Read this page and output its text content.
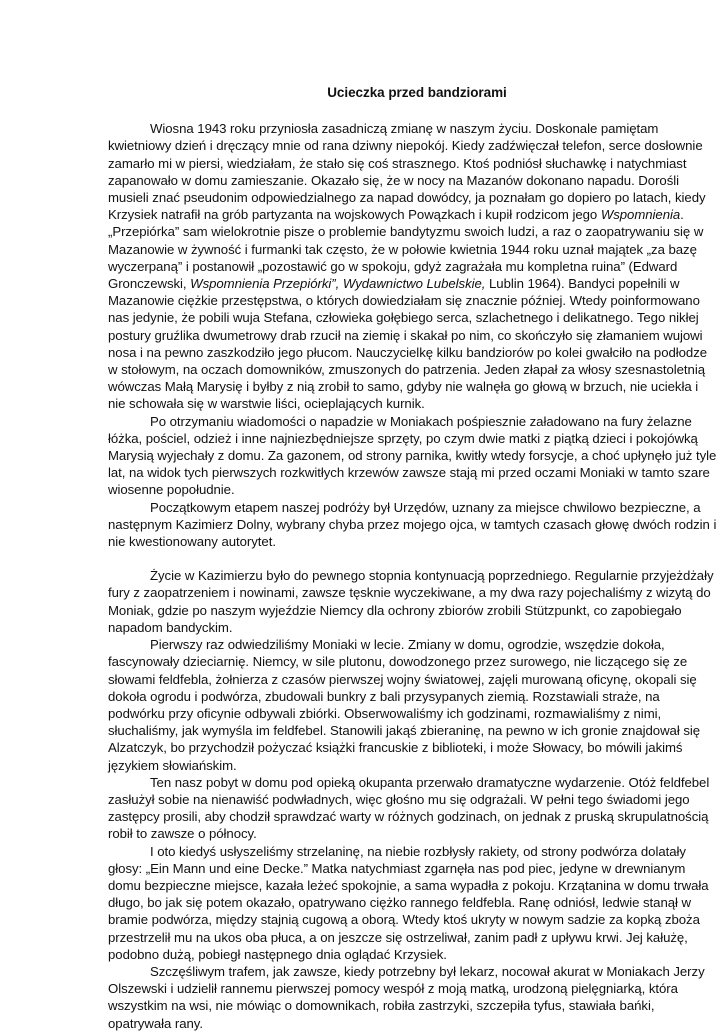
Ucieczka przed bandziorami

Wiosna 1943 roku przyniosła zasadniczą zmianę w naszym życiu. Doskonale pamiętam kwietniowy dzień i dręczący mnie od rana dziwny niepokój. Kiedy zadźwięczał telefon, serce dosłownie zamarło mi w piersi, wiedziałam, że stało się coś strasznego. Ktoś podniósł słuchawkę i natychmiast zapanowało w domu zamieszanie. Okazało się, że w nocy na Mazanów dokonano napadu. Dorośli musieli znać pseudonim odpowiedzialnego za napad dowódcy, ja poznałam go dopiero po latach, kiedy Krzysiek natrafił na grób partyzanta na wojskowych Powązkach i kupił rodzicom jego Wspomnienia. „Przepiórka” sam wielokrotnie pisze o problemie bandytyzmu swoich ludzi, a raz o zaopatrywaniu się w Mazanowie w żywność i furmanki tak często, że w połowie kwietnia 1944 roku uznał majątek „za bazę wyczerpaną” i postanowił „pozostawić go w spokoju, gdyż zagrażała mu kompletna ruina” (Edward Gronczewski, Wspomnienia Przepiórki”, Wydawnictwo Lubelskie, Lublin 1964). Bandyci popełnili w Mazanowie ciężkie przestępstwa, o których dowiedziałam się znacznie później. Wtedy poinformowano nas jedynie, że pobili wuja Stefana, człowieka gołębiego serca, szlachetnego i delikatnego. Tego nikłej postury gruźlika dwumetrowy drab rzucił na ziemię i skakał po nim, co skończyło się złamaniem wujowi nosa i na pewno zaszkodziło jego płucom. Nauczycielkę kilku bandziorów po kolei gwałciło na podłodze w stołowym, na oczach domowników, zmuszonych do patrzenia. Jeden złapał za włosy szesnastoletnią wówczas Małą Marysię i byłby z nią zrobił to samo, gdyby nie walnęła go głową w brzuch, nie uciekła i nie schowała się w warstwie liści, ocieplających kurnik.

Po otrzymaniu wiadomości o napadzie w Moniakach pośpiesznie załadowano na fury żelazne łóżka, pościel, odzież i inne najniezbędniejsze sprzęty, po czym dwie matki z piątką dzieci i pokojówką Marysią wyjechały z domu. Za gazonem, od strony parnika, kwitły wtedy forsycje, a choć upłynęło już tyle lat, na widok tych pierwszych rozkwitłych krzewów zawsze stają mi przed oczami Moniaki w tamto szare wiosenne popołudnie.

Początkowym etapem naszej podróży był Urzędów, uznany za miejsce chwilowo bezpieczne, a następnym Kazimierz Dolny, wybrany chyba przez mojego ojca, w tamtych czasach głowę dwóch rodzin i nie kwestionowany autorytet.

Życie w Kazimierzu było do pewnego stopnia kontynuacją poprzedniego. Regularnie przyjeżdżały fury z zaopatrzeniem i nowinami, zawsze tęsknie wyczekiwane, a my dwa razy pojechaliśmy z wizytą do Moniak, gdzie po naszym wyjeździe Niemcy dla ochrony zbiorów zrobili Stützpunkt, co zapobiegało napadom bandyckim.

Pierwszy raz odwiedziliśmy Moniaki w lecie. Zmiany w domu, ogrodzie, wszędzie dokoła, fascynowały dzieciarnię. Niemcy, w sile plutonu, dowodzonego przez surowego, nie liczącego się ze słowami feldfebla, żołnierza z czasów pierwszej wojny światowej, zajęli murowaną oficynę, okopali się dokoła ogrodu i podwórza, zbudowali bunkry z bali przysypanych ziemią. Rozstawiali straże, na podwórku przy oficynie odbywali zbiórki. Obserwowaliśmy ich godzinami, rozmawialiśmy z nimi, słuchaliśmy, jak wymyśla im feldfebel. Stanowili jakąś zbieraninę, na pewno w ich gronie znajdował się Alzatczyk, bo przychodził pożyczać książki francuskie z biblioteki, i może Słowacy, bo mówili jakimś językiem słowiańskim.

Ten nasz pobyt w domu pod opieką okupanta przerwało dramatyczne wydarzenie. Otóż feldfebel zasłużył sobie na nienawiść podwładnych, więc głośno mu się odgrażali. W pełni tego świadomi jego zastępcy prosili, aby chodził sprawdzać warty w różnych godzinach, on jednak z pruską skrupulatnością robił to zawsze o północy.

I oto kiedyś usłyszeliśmy strzelaninę, na niebie rozbłysły rakiety, od strony podwórza dolatały głosy: „Ein Mann und eine Decke.” Matka natychmiast zgarnęła nas pod piec, jedyne w drewnianym domu bezpieczne miejsce, kazała leżeć spokojnie, a sama wypadła z pokoju. Krzątanina w domu trwała długo, bo jak się potem okazało, opatrywano ciężko rannego feldfebla. Ranę odniósł, ledwie stanął w bramie podwórza, między stajnią cugową a oborą. Wtedy ktoś ukryty w nowym sadzie za kopką zboża przestrzelił mu na ukos oba płuca, a on jeszcze się ostrzeliwał, zanim padł z upływu krwi. Jej kałużę, podobno dużą, pobiegł następnego dnia oglądać Krzysiek.

Szczęśliwym trafem, jak zawsze, kiedy potrzebny był lekarz, nocował akurat w Moniakach Jerzy Olszewski i udzielił rannemu pierwszej pomocy wespół z moją matką, urodzoną pielęgniarką, która wszystkim na wsi, nie mówiąc o domownikach, robiła zastrzyki, szczepiła tyfus, stawiała bańki, opatrywała rany.
